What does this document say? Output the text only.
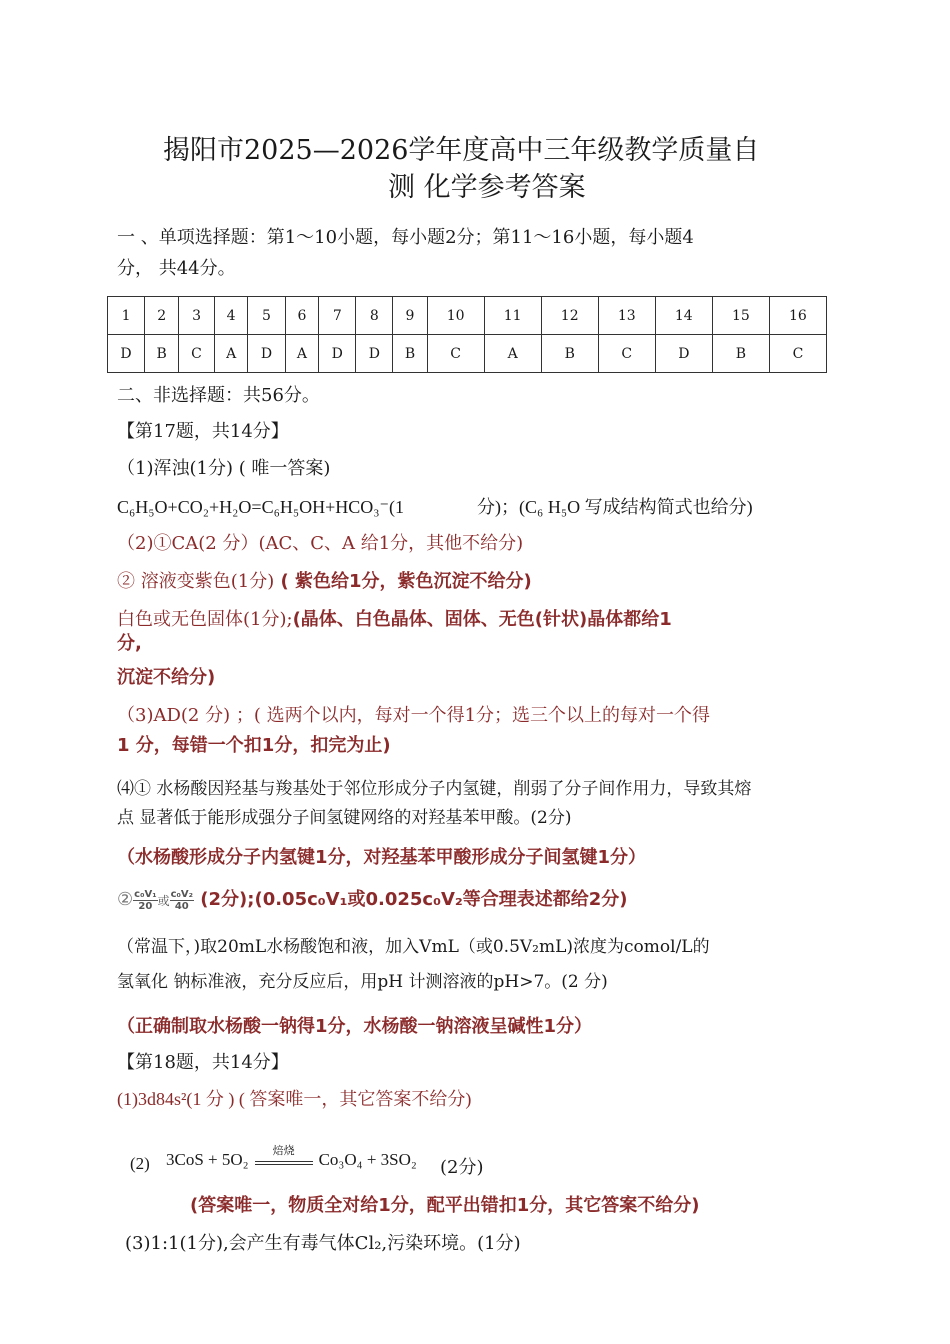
揭阳市2025—2026学年度高中三年级教学质量自
测 化学参考答案
一 、单项选择题：第1～10小题，每小题2分；第11～16小题，每小题4
分， 共44分。
1	2	3	4	5	6	7	8	9	10	11	12	13	14	15	16
D	B	C	A	D	A	D	D	B	C	A	B	C	D	B	C
二、非选择题：共56分。
【第17题，共14分】
（1)浑浊(1分) ( 唯一答案)
C₆H₅O+CO₂+H₂O=C₆H₅OH+HCO₃⁻(1	分)；(C₆ H₅O 写成结构简式也给分)
（2)①CA(2 分）(AC、C、A 给1分，其他不给分)
② 溶液变紫色(1分) ( 紫色给1分，紫色沉淀不给分)
白色或无色固体(1分);(晶体、白色晶体、固体、无色(针状)晶体都给1
分,
沉淀不给分)
（3)AD(2 分) ；( 选两个以内，每对一个得1分；选三个以上的每对一个得
1 分，每错一个扣1分，扣完为止)
⑷① 水杨酸因羟基与羧基处于邻位形成分子内氢键，削弱了分子间作用力，导致其熔
点 显著低于能形成强分子间氢键网络的对羟基苯甲酸。(2分)
（水杨酸形成分子内氢键1分，对羟基苯甲酸形成分子间氢键1分）
② $\frac{\text{c₀V₁}}{20}$ 或 $\frac{\text{c₀V₂}}{40} (2$分);(0.05c₀V₁或0.025c₀V₂等合理表述都给2分)
（常温下，)取20mL水杨酸饱和液，加入VmL（或0.5V₂mL)浓度为comol/L的
氢氧化 钠标准液，充分反应后，用pH 计测溶液的pH>7。(2 分)
（正确制取水杨酸一钠得1分，水杨酸一钠溶液呈碱性1分）
【第18题，共14分】
(1)3d84s²(1 分 ) ( 答案唯一，其它答案不给分)
(2) 3CoS + 5O₂	焙烧	Co₃O₄ + 3SO₂ (2分)
(答案唯一，物质全对给1分，配平出错扣1分，其它答案不给分)
(3)1:1(1分),会产生有毒气体Cl₂,污染环境。(1分)
